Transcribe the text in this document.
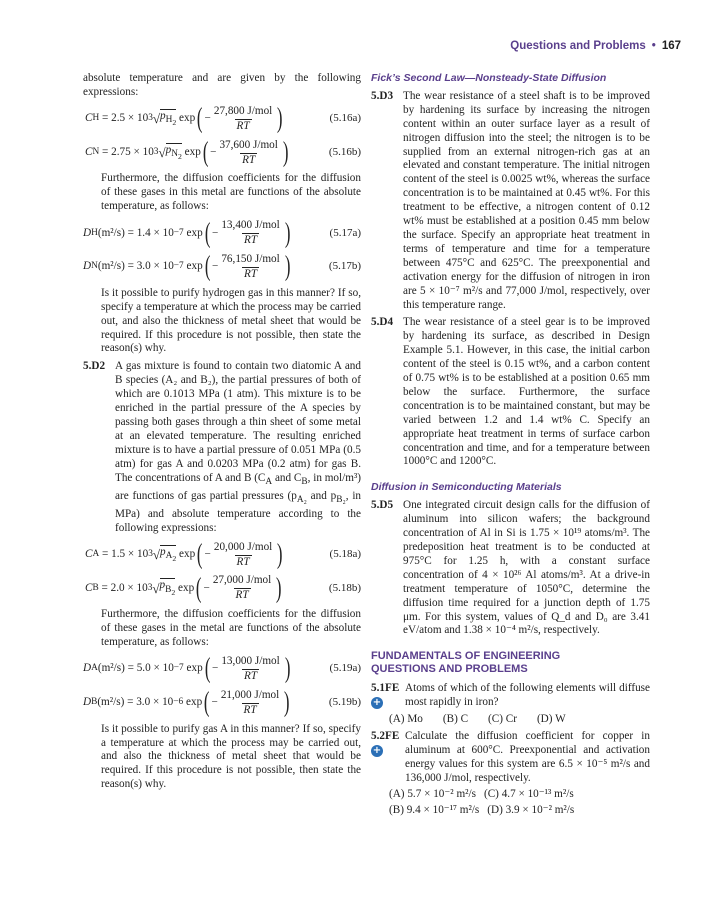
Questions and Problems • 167

absolute temperature and are given by the following expressions:

C H = 2.5 × 10 3 √ $p_{H_2}$
exp ( − $\frac{\text{27,800 J/mol}}{RT}$ )	(5.16a)
C N = 2.75 × 10 3 √ $p_{N_2}$
exp ( − $\frac{\text{37,600 J/mol}}{RT}$ )	(5.16b)

Furthermore, the diffusion coefficients for the diffusion of these gases in this metal are functions of the absolute temperature, as follows:

D H (m²/s) = 1.4 × 10 −7
exp ( − $\frac{\text{13,400 J/mol}}{RT}$ )	(5.17a)
D N (m²/s) = 3.0 × 10 −7
exp ( − $\frac{\text{76,150 J/mol}}{RT}$ )	(5.17b)

Is it possible to purify hydrogen gas in this manner? If so, specify a temperature at which the process may be carried out, and also the thickness of metal sheet that would be required. If this procedure is not possible, then state the reason(s) why.

5.D2 A gas mixture is found to contain two diatomic A and B species (A₂ and B₂), the partial pressures of both of which are 0.1013 MPa (1 atm). This mixture is to be enriched in the partial pressure of the A species by passing both gases through a thin sheet of some metal at an elevated temperature. The resulting enriched mixture is to have a partial pressure of 0.051 MPa (0.5 atm) for gas A and 0.0203 MPa (0.2 atm) for gas B. The concentrations of A and B ($C_A$ and $C_B$, in mol/m³) are functions of gas partial pressures ($p_{A_2}$ and $p_{B_2}$, in MPa) and absolute temperature according to the following expressions:
C A = 1.5 × 10 3 √ $p_{A_2}$
exp ( − $\frac{\text{20,000 J/mol}}{RT}$ )	(5.18a)
C B = 2.0 × 10 3 √ $p_{B_2}$
exp ( − $\frac{\text{27,000 J/mol}}{RT}$ )	(5.18b)

Furthermore, the diffusion coefficients for the diffusion of these gases in the metal are functions of the absolute temperature, as follows:

D A (m²/s) = 5.0 × 10 −7
exp ( − $\frac{\text{13,000 J/mol}}{RT}$ )	(5.19a)
D B (m²/s) = 3.0 × 10 −6
exp ( − $\frac{\text{21,000 J/mol}}{RT}$ )	(5.19b)

Is it possible to purify gas A in this manner? If so, specify a temperature at which the process may be carried out, and also the thickness of metal sheet that would be required. If this procedure is not possible, then state the reason(s) why.

Fick’s Second Law—Nonsteady-State Diffusion
5.D3 The wear resistance of a steel shaft is to be improved by hardening its surface by increasing the nitrogen content within an outer surface layer as a result of nitrogen diffusion into the steel; the nitrogen is to be supplied from an external nitrogen-rich gas at an elevated and constant temperature. The initial nitrogen content of the steel is 0.0025 wt%, whereas the surface concentration is to be maintained at 0.45 wt%. For this treatment to be effective, a nitrogen content of 0.12 wt% must be established at a position 0.45 mm below the surface. Specify an appropriate heat treatment in terms of temperature and time for a temperature between 475°C and 625°C. The preexponential and activation energy for the diffusion of nitrogen in iron are 5 × 10⁻⁷ m²/s and 77,000 J/mol, respectively, over this temperature range.
5.D4 The wear resistance of a steel gear is to be improved by hardening its surface, as described in Design Example 5.1. However, in this case, the initial carbon content of the steel is 0.15 wt%, and a carbon content of 0.75 wt% is to be established at a position 0.65 mm below the surface. Furthermore, the surface concentration is to be maintained constant, but may be varied between 1.2 and 1.4 wt% C. Specify an appropriate heat treatment in terms of surface carbon concentration and time, and for a temperature between 1000°C and 1200°C.
Diffusion in Semiconducting Materials
5.D5 One integrated circuit design calls for the diffusion of aluminum into silicon wafers; the background concentration of Al in Si is 1.75 × 10¹⁹ atoms/m³. The predeposition heat treatment is to be conducted at 975°C for 1.25 h, with a constant surface concentration of 4 × 10²⁶ Al atoms/m³. At a drive-in treatment temperature of 1050°C, determine the diffusion time required for a junction depth of 1.75 μm. For this system, values of Q_d and D₀ are 3.41 eV/atom and 1.38 × 10⁻⁴ m²/s, respectively.
FUNDAMENTALS OF ENGINEERING
QUESTIONS AND PROBLEMS
5.1FE
+
Atoms of which of the following elements will diffuse most rapidly in iron?
(A) Mo (B) C (C) Cr (D) W
5.2FE
+
Calculate the diffusion coefficient for copper in aluminum at 600°C. Preexponential and activation energy values for this system are 6.5 × 10⁻⁵ m²/s and 136,000 J/mol, respectively.
(A) 5.7 × 10⁻² m²/s (C) 4.7 × 10⁻¹³ m²/s
(B) 9.4 × 10⁻¹⁷ m²/s (D) 3.9 × 10⁻² m²/s
